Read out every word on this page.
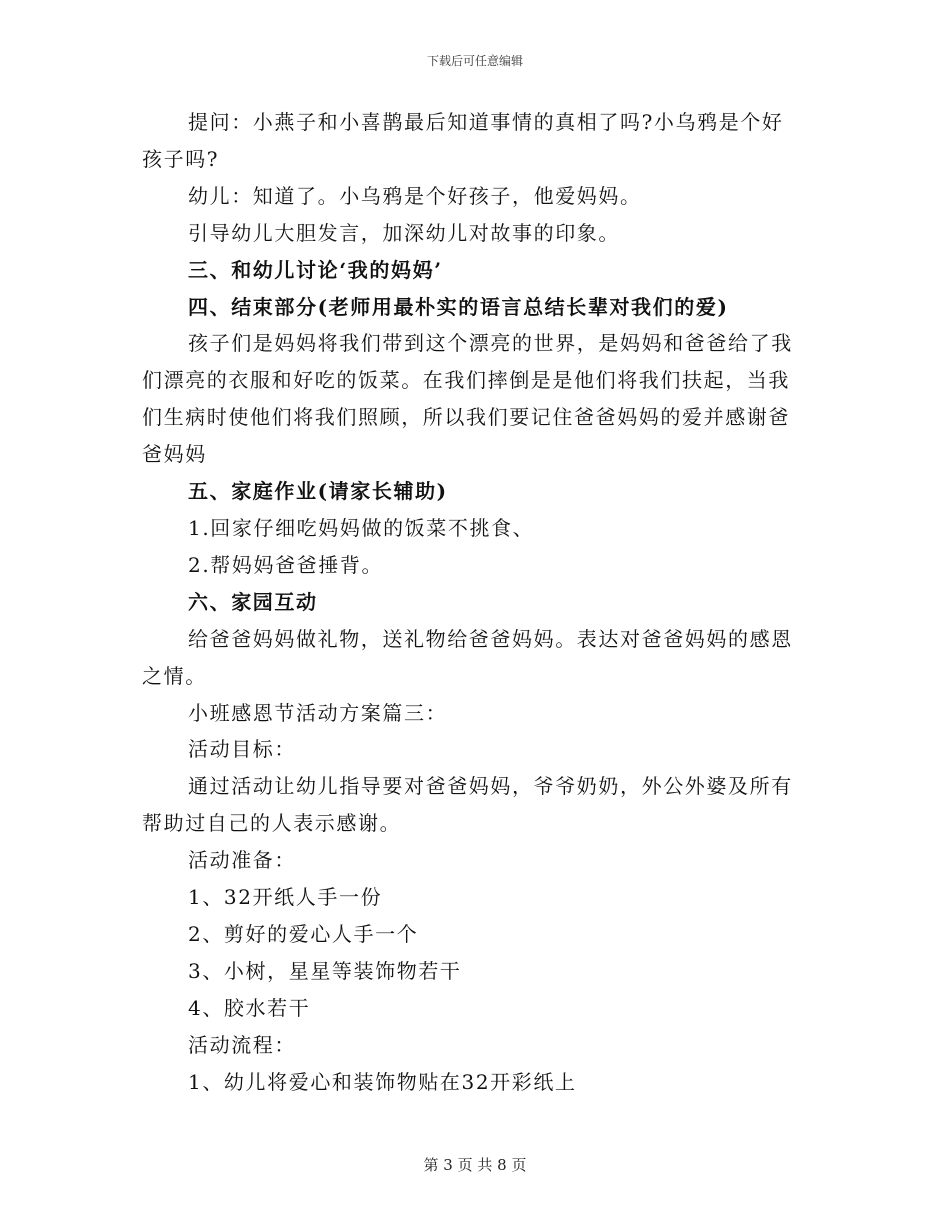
下载后可任意编辑

提问：小燕子和小喜鹊最后知道事情的真相了吗?小乌鸦是个好孩子吗?

幼儿：知道了。小乌鸦是个好孩子，他爱妈妈。

引导幼儿大胆发言，加深幼儿对故事的印象。

三、和幼儿讨论‘我的妈妈’

四、结束部分(老师用最朴实的语言总结长辈对我们的爱)

孩子们是妈妈将我们带到这个漂亮的世界，是妈妈和爸爸给了我们漂亮的衣服和好吃的饭菜。在我们摔倒是是他们将我们扶起，当我们生病时使他们将我们照顾，所以我们要记住爸爸妈妈的爱并感谢爸爸妈妈

五、家庭作业(请家长辅助)

1.回家仔细吃妈妈做的饭菜不挑食、

2.帮妈妈爸爸捶背。

六、家园互动

给爸爸妈妈做礼物，送礼物给爸爸妈妈。表达对爸爸妈妈的感恩之情。

小班感恩节活动方案篇三：

活动目标：

通过活动让幼儿指导要对爸爸妈妈，爷爷奶奶，外公外婆及所有帮助过自己的人表示感谢。

活动准备：

1、32开纸人手一份

2、剪好的爱心人手一个

3、小树，星星等装饰物若干

4、胶水若干

活动流程：

1、幼儿将爱心和装饰物贴在32开彩纸上

第 3 页 共 8 页
